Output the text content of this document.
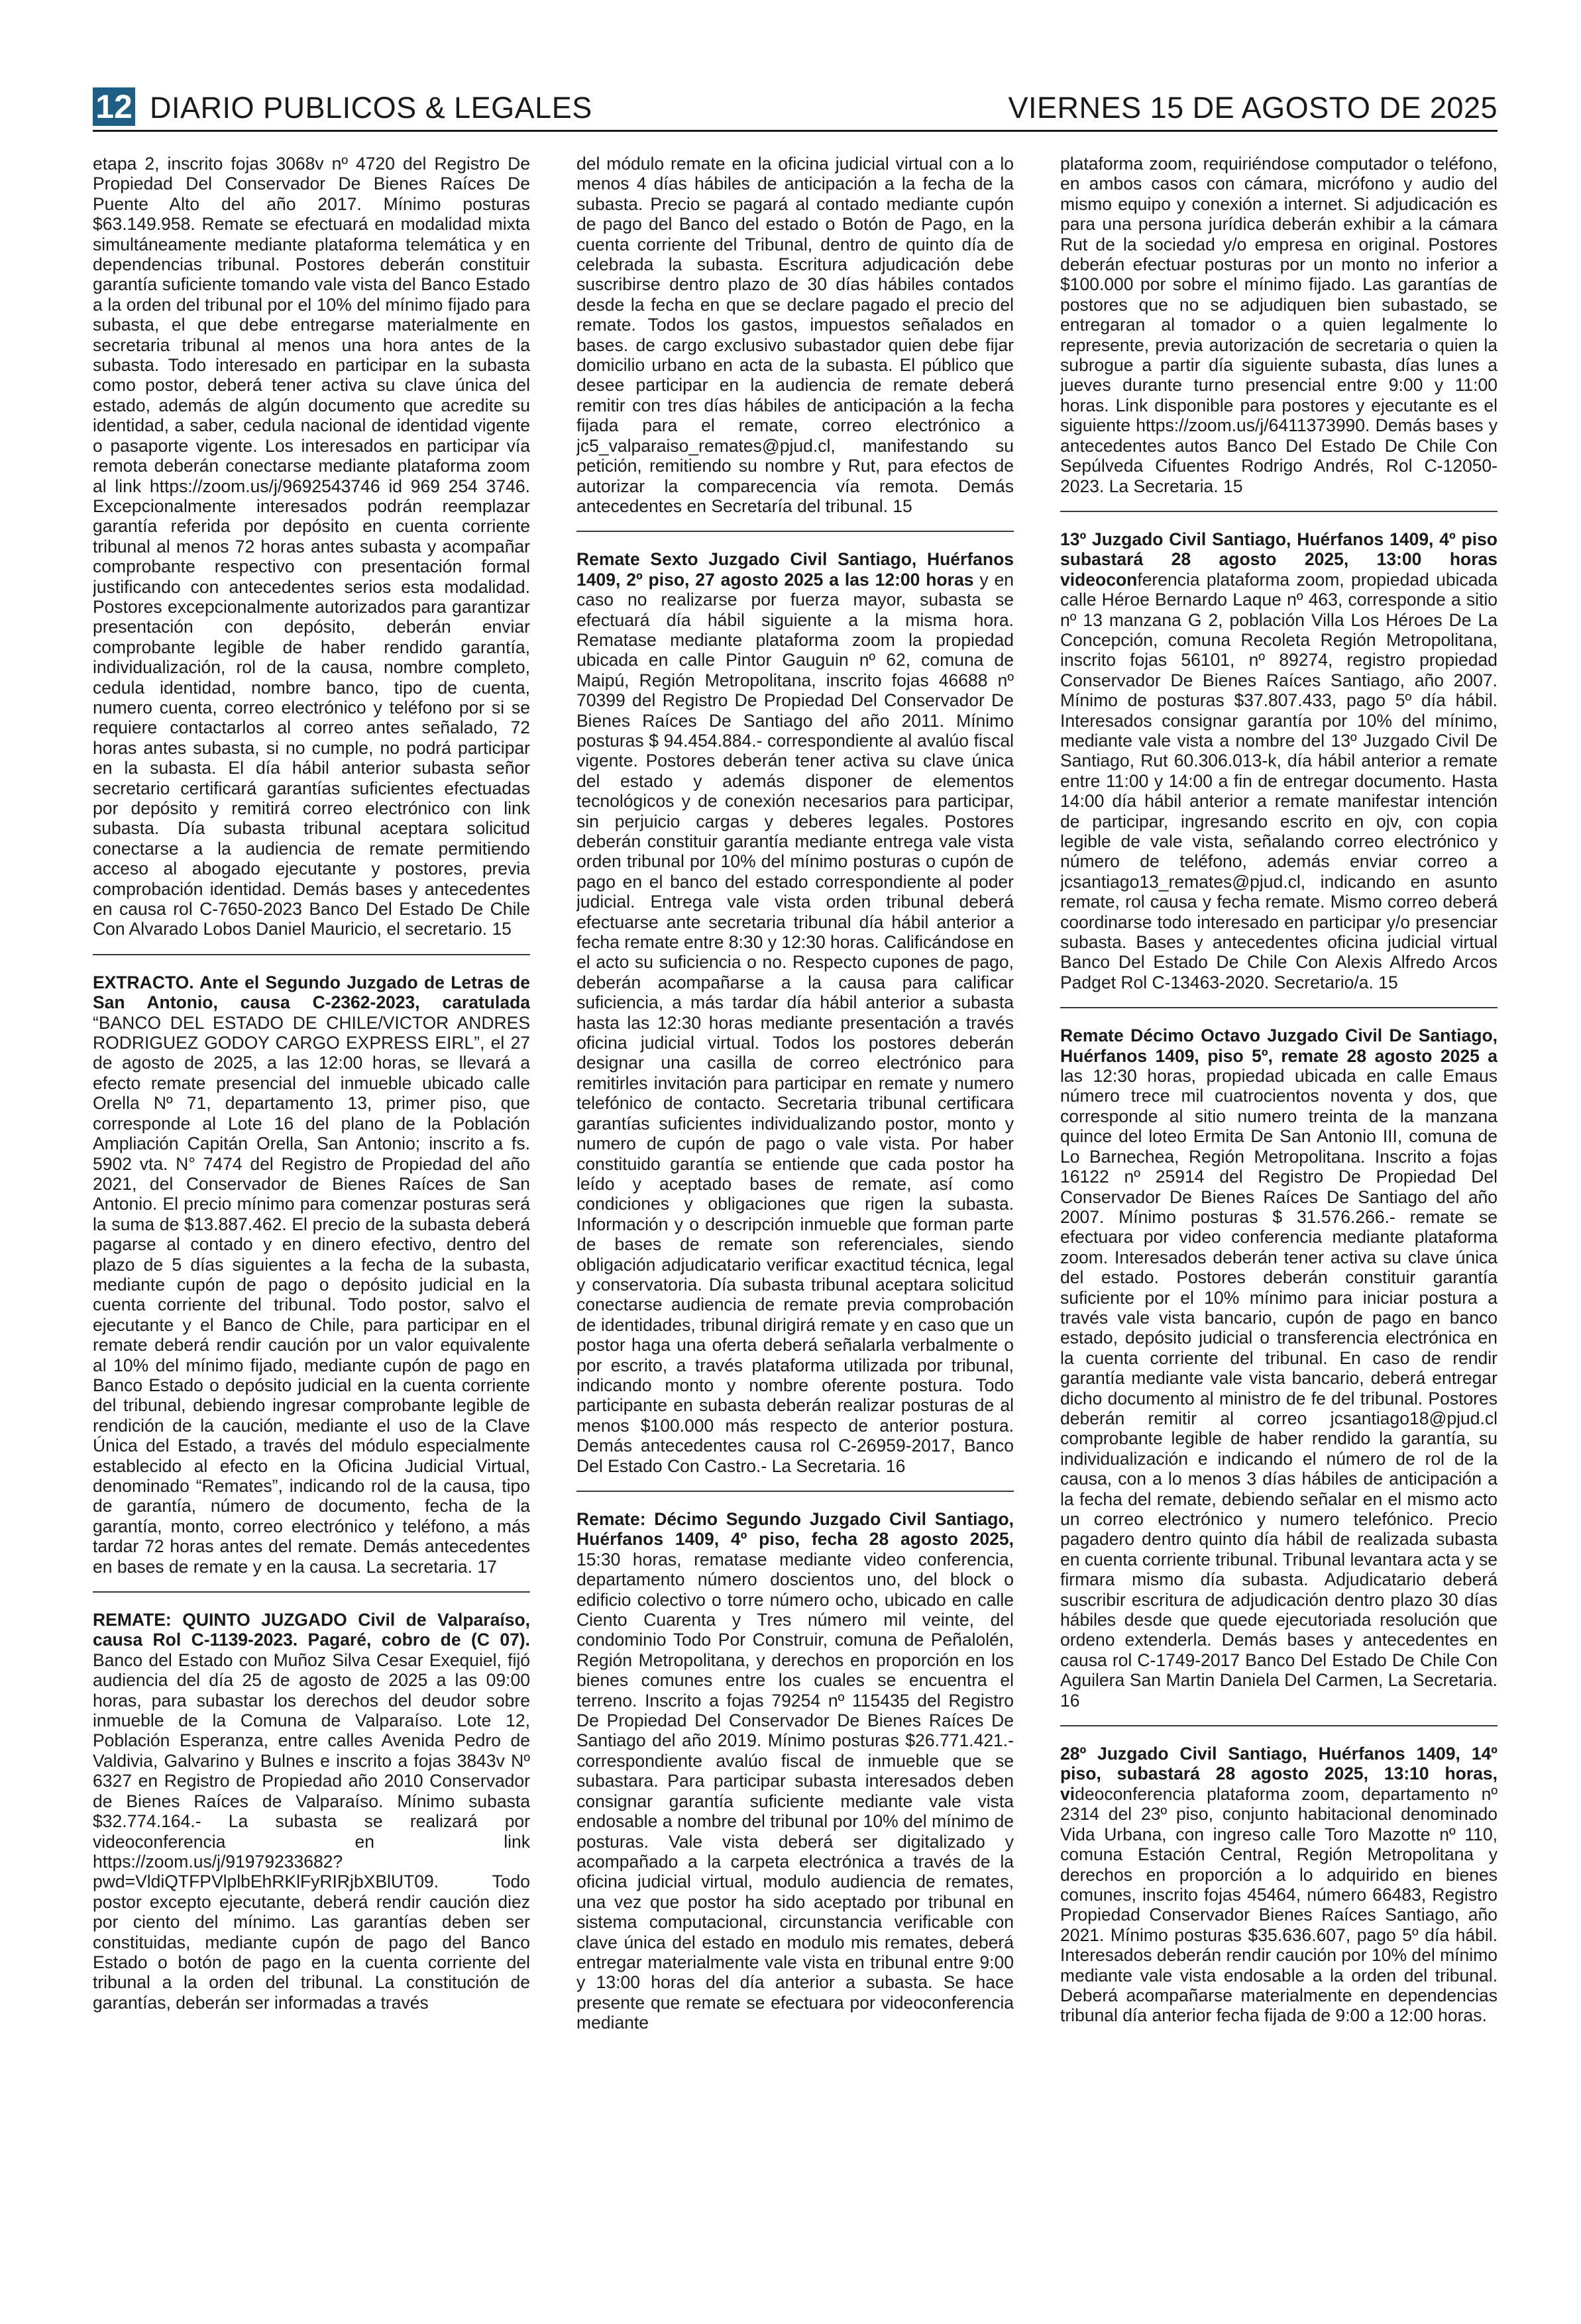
12 DIARIO PUBLICOS & LEGALES	VIERNES 15 DE AGOSTO DE 2025

etapa 2, inscrito fojas 3068v nº 4720 del Registro De Propiedad Del Conservador De Bienes Raíces De Puente Alto del año 2017. Mínimo posturas $63.149.958. Remate se efectuará en modalidad mixta simultáneamente mediante plataforma telemática y en dependencias tribunal. Postores deberán constituir garantía suficiente tomando vale vista del Banco Estado a la orden del tribunal por el 10% del mínimo fijado para subasta, el que debe entregarse materialmente en secretaria tribunal al menos una hora antes de la subasta. Todo interesado en participar en la subasta como postor, deberá tener activa su clave única del estado, además de algún documento que acredite su identidad, a saber, cedula nacional de identidad vigente o pasaporte vigente. Los interesados en participar vía remota deberán conectarse mediante plataforma zoom al link https://zoom.us/j/9692543746 id 969 254 3746. Excepcionalmente interesados podrán reemplazar garantía referida por depósito en cuenta corriente tribunal al menos 72 horas antes subasta y acompañar comprobante respectivo con presentación formal justificando con antecedentes serios esta modalidad. Postores excepcionalmente autorizados para garantizar presentación con depósito, deberán enviar comprobante legible de haber rendido garantía, individualización, rol de la causa, nombre completo, cedula identidad, nombre banco, tipo de cuenta, numero cuenta, correo electrónico y teléfono por si se requiere contactarlos al correo antes señalado, 72 horas antes subasta, si no cumple, no podrá participar en la subasta. El día hábil anterior subasta señor secretario certificará garantías suficientes efectuadas por depósito y remitirá correo electrónico con link subasta. Día subasta tribunal aceptara solicitud conectarse a la audiencia de remate permitiendo acceso al abogado ejecutante y postores, previa comprobación identidad. Demás bases y antecedentes en causa rol C-7650-2023 Banco Del Estado De Chile Con Alvarado Lobos Daniel Mauricio, el secretario. 15

EXTRACTO. Ante el Segundo Juzgado de Letras de San Antonio, causa C-2362-2023, caratulada “BANCO DEL ESTADO DE CHILE/VICTOR ANDRES RODRIGUEZ GODOY CARGO EXPRESS EIRL”, el 27 de agosto de 2025, a las 12:00 horas, se llevará a efecto remate presencial del inmueble ubicado calle Orella Nº 71, departamento 13, primer piso, que corresponde al Lote 16 del plano de la Población Ampliación Capitán Orella, San Antonio; inscrito a fs. 5902 vta. N° 7474 del Registro de Propiedad del año 2021, del Conservador de Bienes Raíces de San Antonio. El precio mínimo para comenzar posturas será la suma de $13.887.462. El precio de la subasta deberá pagarse al contado y en dinero efectivo, dentro del plazo de 5 días siguientes a la fecha de la subasta, mediante cupón de pago o depósito judicial en la cuenta corriente del tribunal. Todo postor, salvo el ejecutante y el Banco de Chile, para participar en el remate deberá rendir caución por un valor equivalente al 10% del mínimo fijado, mediante cupón de pago en Banco Estado o depósito judicial en la cuenta corriente del tribunal, debiendo ingresar comprobante legible de rendición de la caución, mediante el uso de la Clave Única del Estado, a través del módulo especialmente establecido al efecto en la Oficina Judicial Virtual, denominado “Remates”, indicando rol de la causa, tipo de garantía, número de documento, fecha de la garantía, monto, correo electrónico y teléfono, a más tardar 72 horas antes del remate. Demás antecedentes en bases de remate y en la causa. La secretaria. 17

REMATE: QUINTO JUZGADO Civil de Valparaíso, causa Rol C-1139-2023. Pagaré, cobro de (C 07). Banco del Estado con Muñoz Silva Cesar Exequiel, fijó audiencia del día 25 de agosto de 2025 a las 09:00 horas, para subastar los derechos del deudor sobre inmueble de la Comuna de Valparaíso. Lote 12, Población Esperanza, entre calles Avenida Pedro de Valdivia, Galvarino y Bulnes e inscrito a fojas 3843v Nº 6327 en Registro de Propiedad año 2010 Conservador de Bienes Raíces de Valparaíso. Mínimo subasta $32.774.164.- La subasta se realizará por videoconferencia en link https://zoom.us/j/91979233682?pwd=VldiQTFPVlplbEhRKlFyRIRjbXBlUT09. Todo postor excepto ejecutante, deberá rendir caución diez por ciento del mínimo. Las garantías deben ser constituidas, mediante cupón de pago del Banco Estado o botón de pago en la cuenta corriente del tribunal a la orden del tribunal. La constitución de garantías, deberán ser informadas a través

del módulo remate en la oficina judicial virtual con a lo menos 4 días hábiles de anticipación a la fecha de la subasta. Precio se pagará al contado mediante cupón de pago del Banco del estado o Botón de Pago, en la cuenta corriente del Tribunal, dentro de quinto día de celebrada la subasta. Escritura adjudicación debe suscribirse dentro plazo de 30 días hábiles contados desde la fecha en que se declare pagado el precio del remate. Todos los gastos, impuestos señalados en bases. de cargo exclusivo subastador quien debe fijar domicilio urbano en acta de la subasta. El público que desee participar en la audiencia de remate deberá remitir con tres días hábiles de anticipación a la fecha fijada para el remate, correo electrónico a jc5_valparaiso_remates@pjud.cl, manifestando su petición, remitiendo su nombre y Rut, para efectos de autorizar la comparecencia vía remota. Demás antecedentes en Secretaría del tribunal. 15

Remate Sexto Juzgado Civil Santiago, Huérfanos 1409, 2º piso, 27 agosto 2025 a las 12:00 horas y en caso no realizarse por fuerza mayor, subasta se efectuará día hábil siguiente a la misma hora. Rematase mediante plataforma zoom la propiedad ubicada en calle Pintor Gauguin nº 62, comuna de Maipú, Región Metropolitana, inscrito fojas 46688 nº 70399 del Registro De Propiedad Del Conservador De Bienes Raíces De Santiago del año 2011. Mínimo posturas $ 94.454.884.- correspondiente al avalúo fiscal vigente. Postores deberán tener activa su clave única del estado y además disponer de elementos tecnológicos y de conexión necesarios para participar, sin perjuicio cargas y deberes legales. Postores deberán constituir garantía mediante entrega vale vista orden tribunal por 10% del mínimo posturas o cupón de pago en el banco del estado correspondiente al poder judicial. Entrega vale vista orden tribunal deberá efectuarse ante secretaria tribunal día hábil anterior a fecha remate entre 8:30 y 12:30 horas. Calificándose en el acto su suficiencia o no. Respecto cupones de pago, deberán acompañarse a la causa para calificar suficiencia, a más tardar día hábil anterior a subasta hasta las 12:30 horas mediante presentación a través oficina judicial virtual. Todos los postores deberán designar una casilla de correo electrónico para remitirles invitación para participar en remate y numero telefónico de contacto. Secretaria tribunal certificara garantías suficientes individualizando postor, monto y numero de cupón de pago o vale vista. Por haber constituido garantía se entiende que cada postor ha leído y aceptado bases de remate, así como condiciones y obligaciones que rigen la subasta. Información y o descripción inmueble que forman parte de bases de remate son referenciales, siendo obligación adjudicatario verificar exactitud técnica, legal y conservatoria. Día subasta tribunal aceptara solicitud conectarse audiencia de remate previa comprobación de identidades, tribunal dirigirá remate y en caso que un postor haga una oferta deberá señalarla verbalmente o por escrito, a través plataforma utilizada por tribunal, indicando monto y nombre oferente postura. Todo participante en subasta deberán realizar posturas de al menos $100.000 más respecto de anterior postura. Demás antecedentes causa rol C-26959-2017, Banco Del Estado Con Castro.- La Secretaria. 16

Remate: Décimo Segundo Juzgado Civil Santiago, Huérfanos 1409, 4º piso, fecha 28 agosto 2025, 15:30 horas, rematase mediante video conferencia, departamento número doscientos uno, del block o edificio colectivo o torre número ocho, ubicado en calle Ciento Cuarenta y Tres número mil veinte, del condominio Todo Por Construir, comuna de Peñalolén, Región Metropolitana, y derechos en proporción en los bienes comunes entre los cuales se encuentra el terreno. Inscrito a fojas 79254 nº 115435 del Registro De Propiedad Del Conservador De Bienes Raíces De Santiago del año 2019. Mínimo posturas $26.771.421.- correspondiente avalúo fiscal de inmueble que se subastara. Para participar subasta interesados deben consignar garantía suficiente mediante vale vista endosable a nombre del tribunal por 10% del mínimo de posturas. Vale vista deberá ser digitalizado y acompañado a la carpeta electrónica a través de la oficina judicial virtual, modulo audiencia de remates, una vez que postor ha sido aceptado por tribunal en sistema computacional, circunstancia verificable con clave única del estado en modulo mis remates, deberá entregar materialmente vale vista en tribunal entre 9:00 y 13:00 horas del día anterior a subasta. Se hace presente que remate se efectuara por videoconferencia mediante

plataforma zoom, requiriéndose computador o teléfono, en ambos casos con cámara, micrófono y audio del mismo equipo y conexión a internet. Si adjudicación es para una persona jurídica deberán exhibir a la cámara Rut de la sociedad y/o empresa en original. Postores deberán efectuar posturas por un monto no inferior a $100.000 por sobre el mínimo fijado. Las garantías de postores que no se adjudiquen bien subastado, se entregaran al tomador o a quien legalmente lo represente, previa autorización de secretaria o quien la subrogue a partir día siguiente subasta, días lunes a jueves durante turno presencial entre 9:00 y 11:00 horas. Link disponible para postores y ejecutante es el siguiente https://zoom.us/j/6411373990. Demás bases y antecedentes autos Banco Del Estado De Chile Con Sepúlveda Cifuentes Rodrigo Andrés, Rol C-12050-2023. La Secretaria. 15

13º Juzgado Civil Santiago, Huérfanos 1409, 4º piso subastará 28 agosto 2025, 13:00 horas videoconferencia plataforma zoom, propiedad ubicada calle Héroe Bernardo Laque nº 463, corresponde a sitio nº 13 manzana G 2, población Villa Los Héroes De La Concepción, comuna Recoleta Región Metropolitana, inscrito fojas 56101, nº 89274, registro propiedad Conservador De Bienes Raíces Santiago, año 2007. Mínimo de posturas $37.807.433, pago 5º día hábil. Interesados consignar garantía por 10% del mínimo, mediante vale vista a nombre del 13º Juzgado Civil De Santiago, Rut 60.306.013-k, día hábil anterior a remate entre 11:00 y 14:00 a fin de entregar documento. Hasta 14:00 día hábil anterior a remate manifestar intención de participar, ingresando escrito en ojv, con copia legible de vale vista, señalando correo electrónico y número de teléfono, además enviar correo a jcsantiago13_remates@pjud.cl, indicando en asunto remate, rol causa y fecha remate. Mismo correo deberá coordinarse todo interesado en participar y/o presenciar subasta. Bases y antecedentes oficina judicial virtual Banco Del Estado De Chile Con Alexis Alfredo Arcos Padget Rol C-13463-2020. Secretario/a. 15

Remate Décimo Octavo Juzgado Civil De Santiago, Huérfanos 1409, piso 5º, remate 28 agosto 2025 a las 12:30 horas, propiedad ubicada en calle Emaus número trece mil cuatrocientos noventa y dos, que corresponde al sitio numero treinta de la manzana quince del loteo Ermita De San Antonio III, comuna de Lo Barnechea, Región Metropolitana. Inscrito a fojas 16122 nº 25914 del Registro De Propiedad Del Conservador De Bienes Raíces De Santiago del año 2007. Mínimo posturas $ 31.576.266.- remate se efectuara por video conferencia mediante plataforma zoom. Interesados deberán tener activa su clave única del estado. Postores deberán constituir garantía suficiente por el 10% mínimo para iniciar postura a través vale vista bancario, cupón de pago en banco estado, depósito judicial o transferencia electrónica en la cuenta corriente del tribunal. En caso de rendir garantía mediante vale vista bancario, deberá entregar dicho documento al ministro de fe del tribunal. Postores deberán remitir al correo jcsantiago18@pjud.cl comprobante legible de haber rendido la garantía, su individualización e indicando el número de rol de la causa, con a lo menos 3 días hábiles de anticipación a la fecha del remate, debiendo señalar en el mismo acto un correo electrónico y numero telefónico. Precio pagadero dentro quinto día hábil de realizada subasta en cuenta corriente tribunal. Tribunal levantara acta y se firmara mismo día subasta. Adjudicatario deberá suscribir escritura de adjudicación dentro plazo 30 días hábiles desde que quede ejecutoriada resolución que ordeno extenderla. Demás bases y antecedentes en causa rol C-1749-2017 Banco Del Estado De Chile Con Aguilera San Martin Daniela Del Carmen, La Secretaria. 16

28º Juzgado Civil Santiago, Huérfanos 1409, 14º piso, subastará 28 agosto 2025, 13:10 horas, videoconferencia plataforma zoom, departamento nº 2314 del 23º piso, conjunto habitacional denominado Vida Urbana, con ingreso calle Toro Mazotte nº 110, comuna Estación Central, Región Metropolitana y derechos en proporción a lo adquirido en bienes comunes, inscrito fojas 45464, número 66483, Registro Propiedad Conservador Bienes Raíces Santiago, año 2021. Mínimo posturas $35.636.607, pago 5º día hábil. Interesados deberán rendir caución por 10% del mínimo mediante vale vista endosable a la orden del tribunal. Deberá acompañarse materialmente en dependencias tribunal día anterior fecha fijada de 9:00 a 12:00 horas.
